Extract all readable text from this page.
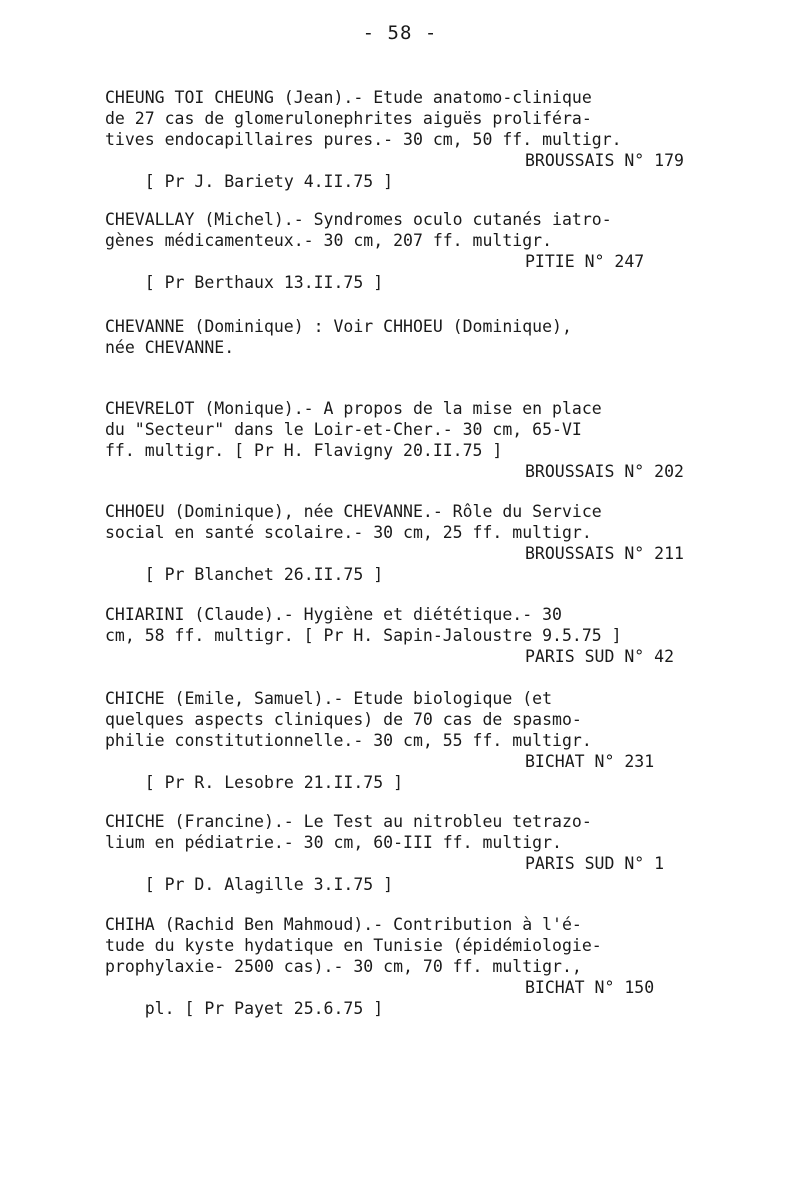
- 58 -
CHEUNG TOI CHEUNG (Jean).- Etude anatomo-clinique
de 27 cas de glomerulonephrites aiguës proliféra-
tives endocapillaires pures.- 30 cm, 50 ff. multigr.

[ Pr J. Bariety 4.II.75 ]

BROUSSAIS N° 179

CHEVALLAY (Michel).- Syndromes oculo cutanés iatro-
gènes médicamenteux.- 30 cm, 207 ff. multigr.

[ Pr Berthaux 13.II.75 ]

PITIE N° 247

CHEVANNE (Dominique) : Voir CHHOEU (Dominique),
née CHEVANNE.
CHEVRELOT (Monique).- A propos de la mise en place
du "Secteur" dans le Loir-et-Cher.- 30 cm, 65-VI
ff. multigr. [ Pr H. Flavigny 20.II.75 ]

BROUSSAIS N° 202

CHHOEU (Dominique), née CHEVANNE.- Rôle du Service
social en santé scolaire.- 30 cm, 25 ff. multigr.

[ Pr Blanchet 26.II.75 ]

BROUSSAIS N° 211

CHIARINI (Claude).- Hygiène et diététique.- 30
cm, 58 ff. multigr. [ Pr H. Sapin-Jaloustre 9.5.75 ]

PARIS SUD N° 42

CHICHE (Emile, Samuel).- Etude biologique (et
quelques aspects cliniques) de 70 cas de spasmo-
philie constitutionnelle.- 30 cm, 55 ff. multigr.

[ Pr R. Lesobre 21.II.75 ]

BICHAT N° 231

CHICHE (Francine).- Le Test au nitrobleu tetrazo-
lium en pédiatrie.- 30 cm, 60-III ff. multigr.

[ Pr D. Alagille 3.I.75 ]

PARIS SUD N° 1

CHIHA (Rachid Ben Mahmoud).- Contribution à l'é-
tude du kyste hydatique en Tunisie (épidémiologie-
prophylaxie- 2500 cas).- 30 cm, 70 ff. multigr.,

pl. [ Pr Payet 25.6.75 ]

BICHAT N° 150
